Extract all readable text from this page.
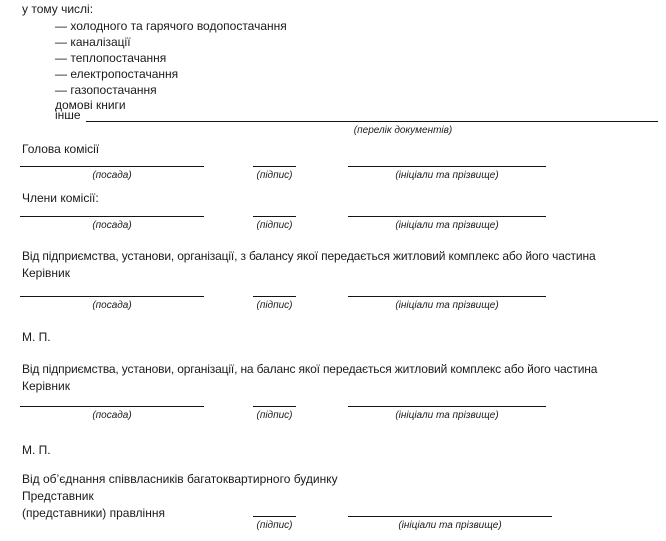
у тому числі:
— холодного та гарячого водопостачання
— каналізації
— теплопостачання
— електропостачання
— газопостачання
домові книги
інше
(перелік документів)
Голова комісії
(посада)	(підпис)	(ініціали та прізвище)
Члени комісії:
(посада)	(підпис)	(ініціали та прізвище)
Від підприємства, установи, організації, з балансу якої передається житловий комплекс або його частина
Керівник
(посада)	(підпис)	(ініціали та прізвище)
М. П.
Від підприємства, установи, організації, на баланс якої передається житловий комплекс або його частина
Керівник
(посада)	(підпис)	(ініціали та прізвище)
М. П.
Від об’єднання співвласників багатоквартирного будинку
Представник
(представники) правління
(підпис)	(ініціали та прізвище)
